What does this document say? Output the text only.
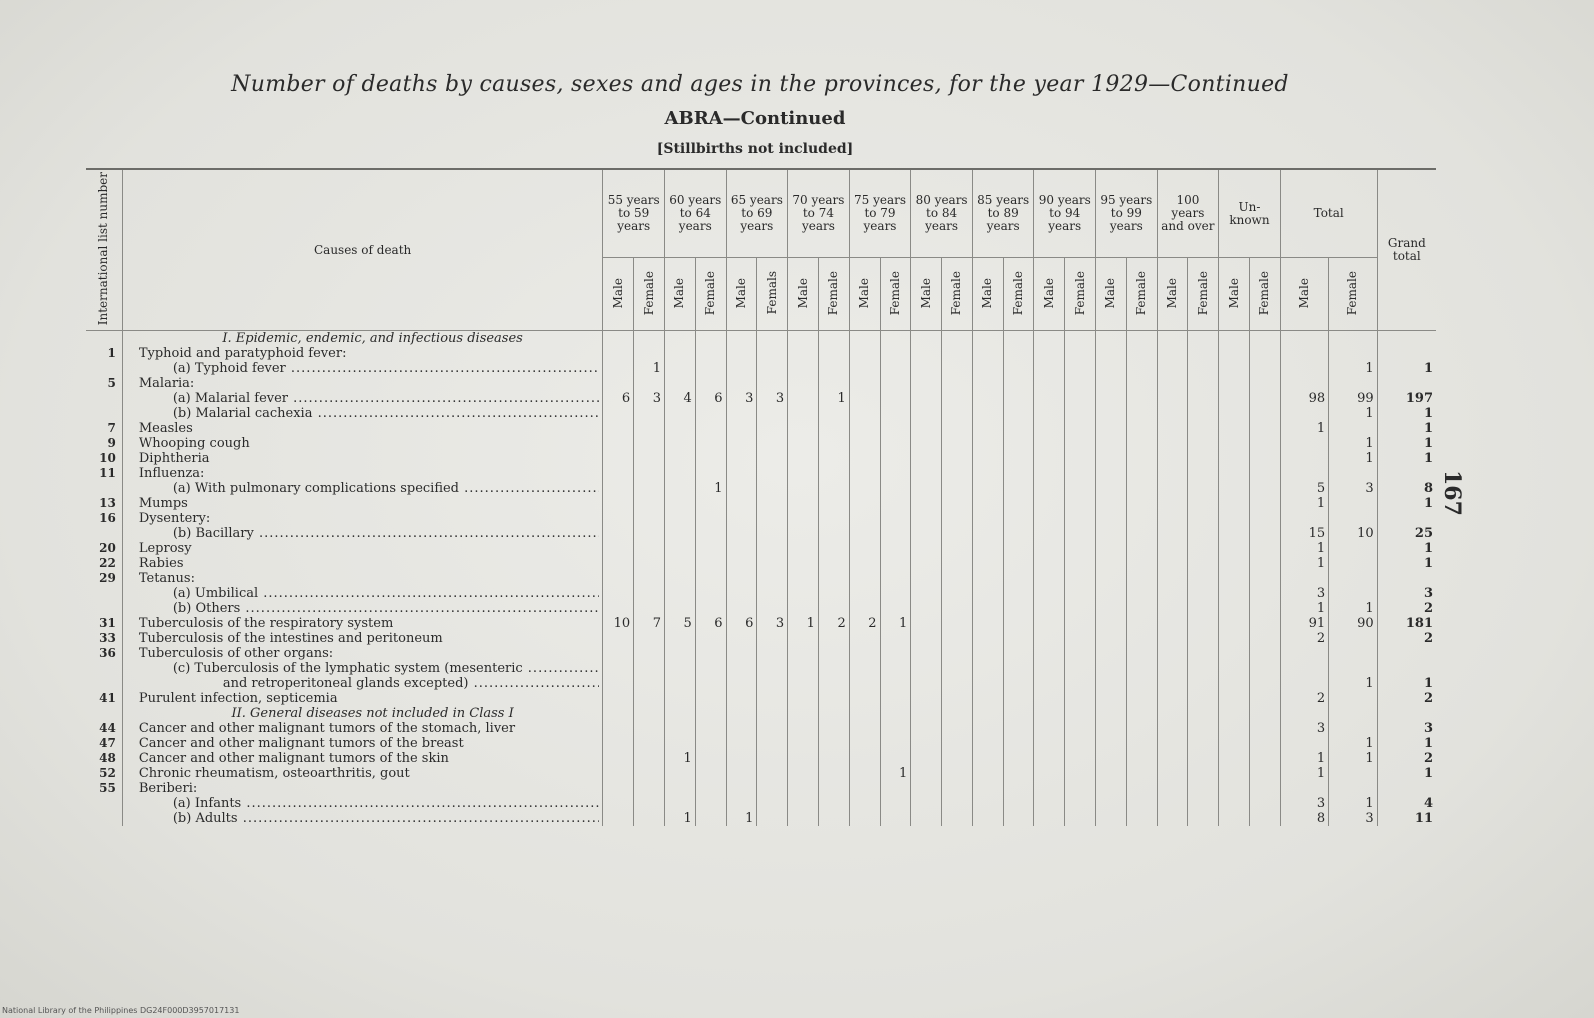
Number of deaths by causes, sexes and ages in the provinces, for the year 1929—Continued
ABRA—Continued
[Stillbirths not included]
167
National Library of the Philippines DG24F000D3957017131
International list number	Causes of death	55 years to 59 years		60 years to 64 years		65 years to 69 years		70 years to 74 years		75 years to 79 years		80 years to 84 years		85 years to 89 years		90 years to 94 years		95 years to 99 years		100 years and over		Un-known		Total		Grand total
		Male	Female	Male	Female	Male	Femals	Male	Female	Male	Female	Male	Female	Male	Female	Male	Female	Male	Female	Male	Female	Male	Female	Male	Female	
	I. Epidemic, endemic, and infectious diseases																									
1	Typhoid and paratyphoid fever:																									

	(a) Typhoid fever .....		1																						1	1
5	Malaria:																									

	(a) Malarial fever .....	6	3	4	6	3	3		1															98	99	197

	(b) Malarial cachexia .....																								1	1
7	Measles																							1		1
9	Whooping cough																								1	1
10	Diphtheria																								1	1
11	Influenza:																									

	(a) With pulmonary complications specified .....				1																			5	3	8
13	Mumps																							1		1
16	Dysentery:																									

	(b) Bacillary .....																							15	10	25
20	Leprosy																							1		1
22	Rabies																							1		1
29	Tetanus:																									

	(a) Umbilical .....																							3		3

	(b) Others .....																							1	1	2
31	Tuberculosis of the respiratory system	10	7	5	6	6	3	1	2	2	1													91	90	181
33	Tuberculosis of the intestines and peritoneum																							2		2
36	Tuberculosis of other organs:																									

	(c) Tuberculosis of the lymphatic system (mesenteric .....

	and retroperitoneal glands excepted) .....																								1	1
41	Purulent infection, septicemia																							2		2
	II. General diseases not included in Class I																									
44	Cancer and other malignant tumors of the stomach, liver																							3		3
47	Cancer and other malignant tumors of the breast																								1	1
48	Cancer and other malignant tumors of the skin			1																				1	1	2
52	Chronic rheumatism, osteoarthritis, gout										1													1		1
55	Beriberi:																									

	(a) Infants .....																							3	1	4

	(b) Adults .....			1		1																		8	3	11
